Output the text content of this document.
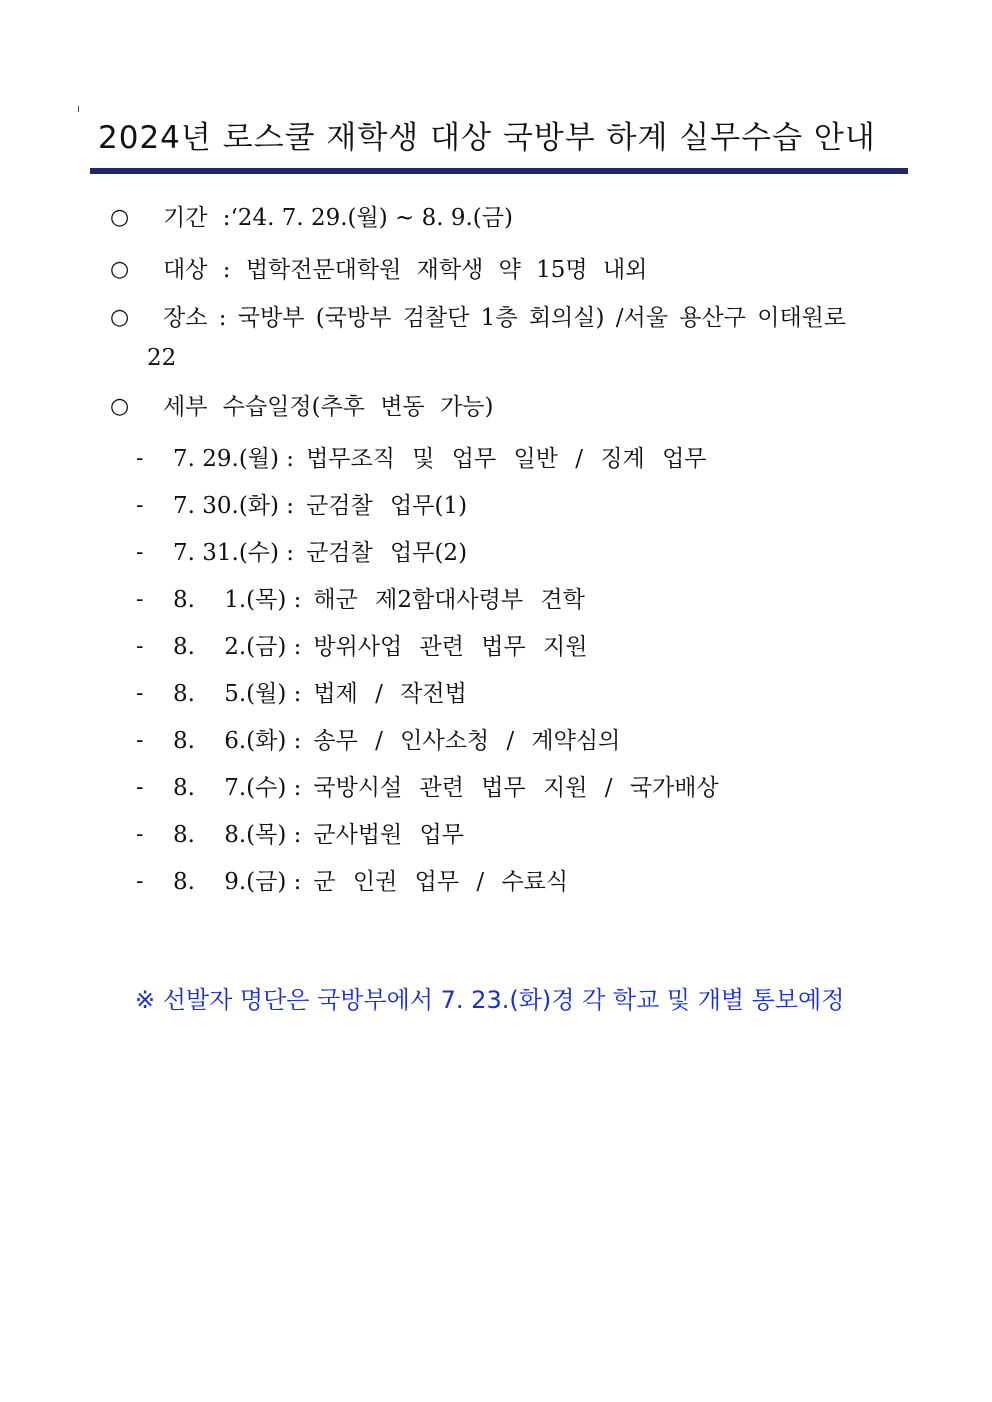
2024년 로스쿨 재학생 대상 국방부 하계 실무수습 안내
○ 기간 :‘24. 7. 29.(월) ~ 8. 9.(금)
○ 대상 : 법학전문대학원 재학생 약 15명 내외
○ 장소 : 국방부 (국방부 검찰단 1층 회의실) /서울 용산구 이태원로
22
○ 세부 수습일정(추후 변동 가능)
- 7. 29.(월) : 법무조직 및 업무 일반 / 징계 업무
- 7. 30.(화) : 군검찰 업무(1)
- 7. 31.(수) : 군검찰 업무(2)
- 8.    1.(목) : 해군 제2함대사령부 견학
- 8.    2.(금) : 방위사업 관련 법무 지원
- 8.    5.(월) : 법제 / 작전법
- 8.    6.(화) : 송무 / 인사소청 / 계약심의
- 8.    7.(수) : 국방시설 관련 법무 지원 / 국가배상
- 8.    8.(목) : 군사법원 업무
- 8.    9.(금) : 군 인권 업무 / 수료식
※ 선발자 명단은 국방부에서 7. 23.(화)경 각 학교 및 개별 통보예정
